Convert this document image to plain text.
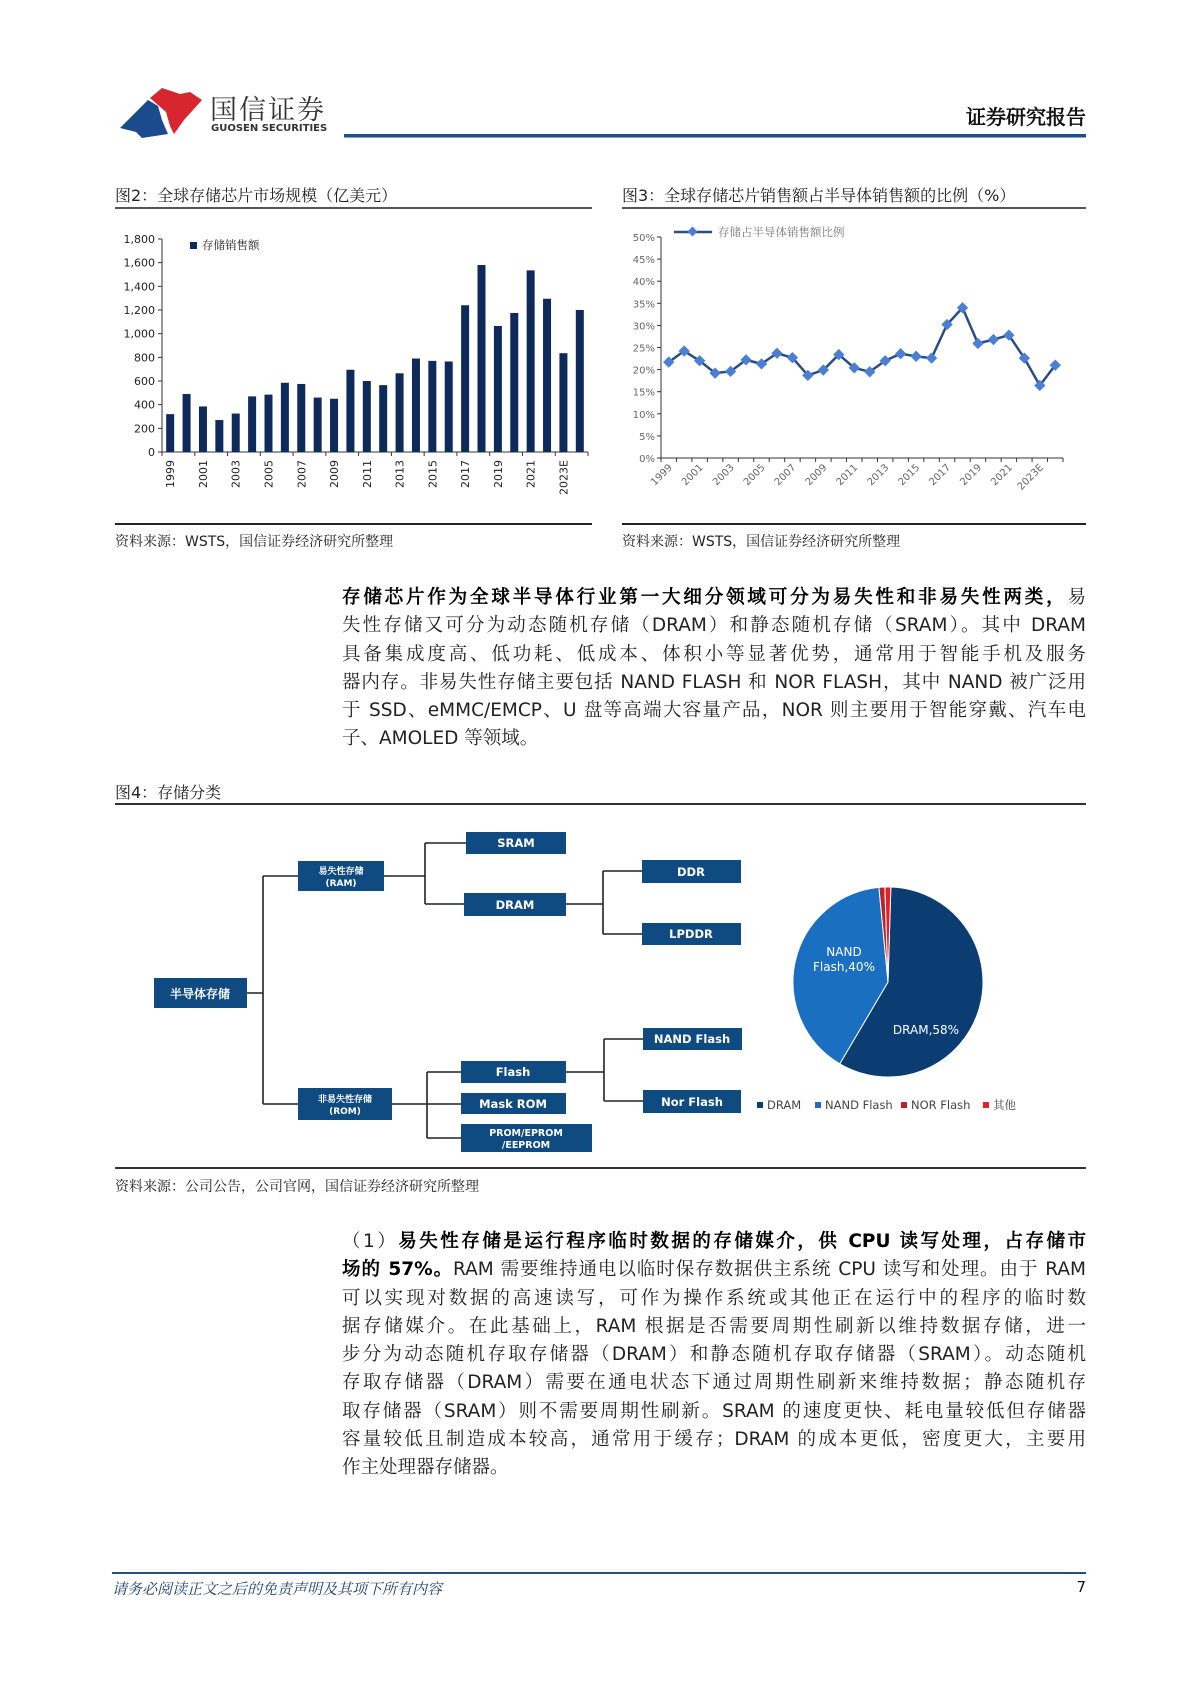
国信证券
GUOSEN SECURITIES	证券研究报告
图2：全球存储芯片市场规模（亿美元）	图3：全球存储芯片销售额占半导体销售额的比例（%）
0
200
400
600
800
1,000
1,200
1,400
1,600
1,800
1999 2001 2003 2005 2007 2009 2011 2013 2015 2017 2019 2021 2023E
存储销售额
0%
5%
10%
15%
20%
25%
30%
35%
40%
45%
50%
1999 2001 2003 2005 2007 2009 2011 2013 2015 2017 2019 2021 2023E
存储占半导体销售额比例
资料来源：WSTS，国信证券经济研究所整理	资料来源：WSTS，国信证券经济研究所整理
存储芯片作为全球半导体行业第一大细分领域可分为易失性和非易失性两类，易
失性存储又可分为动态随机存储（DRAM）和静态随机存储（SRAM）。其中 DRAM
具备集成度高、低功耗、低成本、体积小等显著优势，通常用于智能手机及服务
器内存。非易失性存储主要包括 NAND FLASH 和 NOR FLASH，其中 NAND 被广泛用
于 SSD、eMMC/EMCP、U 盘等高端大容量产品，NOR 则主要用于智能穿戴、汽车电
子、AMOLED 等领域。
图4：存储分类
半导体存储
易失性存储
(RAM)
非易失性存储
(ROM)
SRAM
DRAM
DDR
LPDDR
Flash
Mask ROM
PROM/EPROM
/EEPROM
NAND Flash
Nor Flash
DRAM,58%
NAND
Flash,40%
DRAM NAND Flash NOR Flash 其他
资料来源：公司公告，公司官网，国信证券经济研究所整理
（1）易失性存储是运行程序临时数据的存储媒介，供 CPU 读写处理，占存储市
场的 57%。RAM 需要维持通电以临时保存数据供主系统 CPU 读写和处理。由于 RAM
可以实现对数据的高速读写，可作为操作系统或其他正在运行中的程序的临时数
据存储媒介。在此基础上，RAM 根据是否需要周期性刷新以维持数据存储，进一
步分为动态随机存取存储器（DRAM）和静态随机存取存储器（SRAM）。动态随机
存取存储器（DRAM）需要在通电状态下通过周期性刷新来维持数据；静态随机存
取存储器（SRAM）则不需要周期性刷新。SRAM 的速度更快、耗电量较低但存储器
容量较低且制造成本较高，通常用于缓存；DRAM 的成本更低，密度更大，主要用
作主处理器存储器。
请务必阅读正文之后的免责声明及其项下所有内容	7
